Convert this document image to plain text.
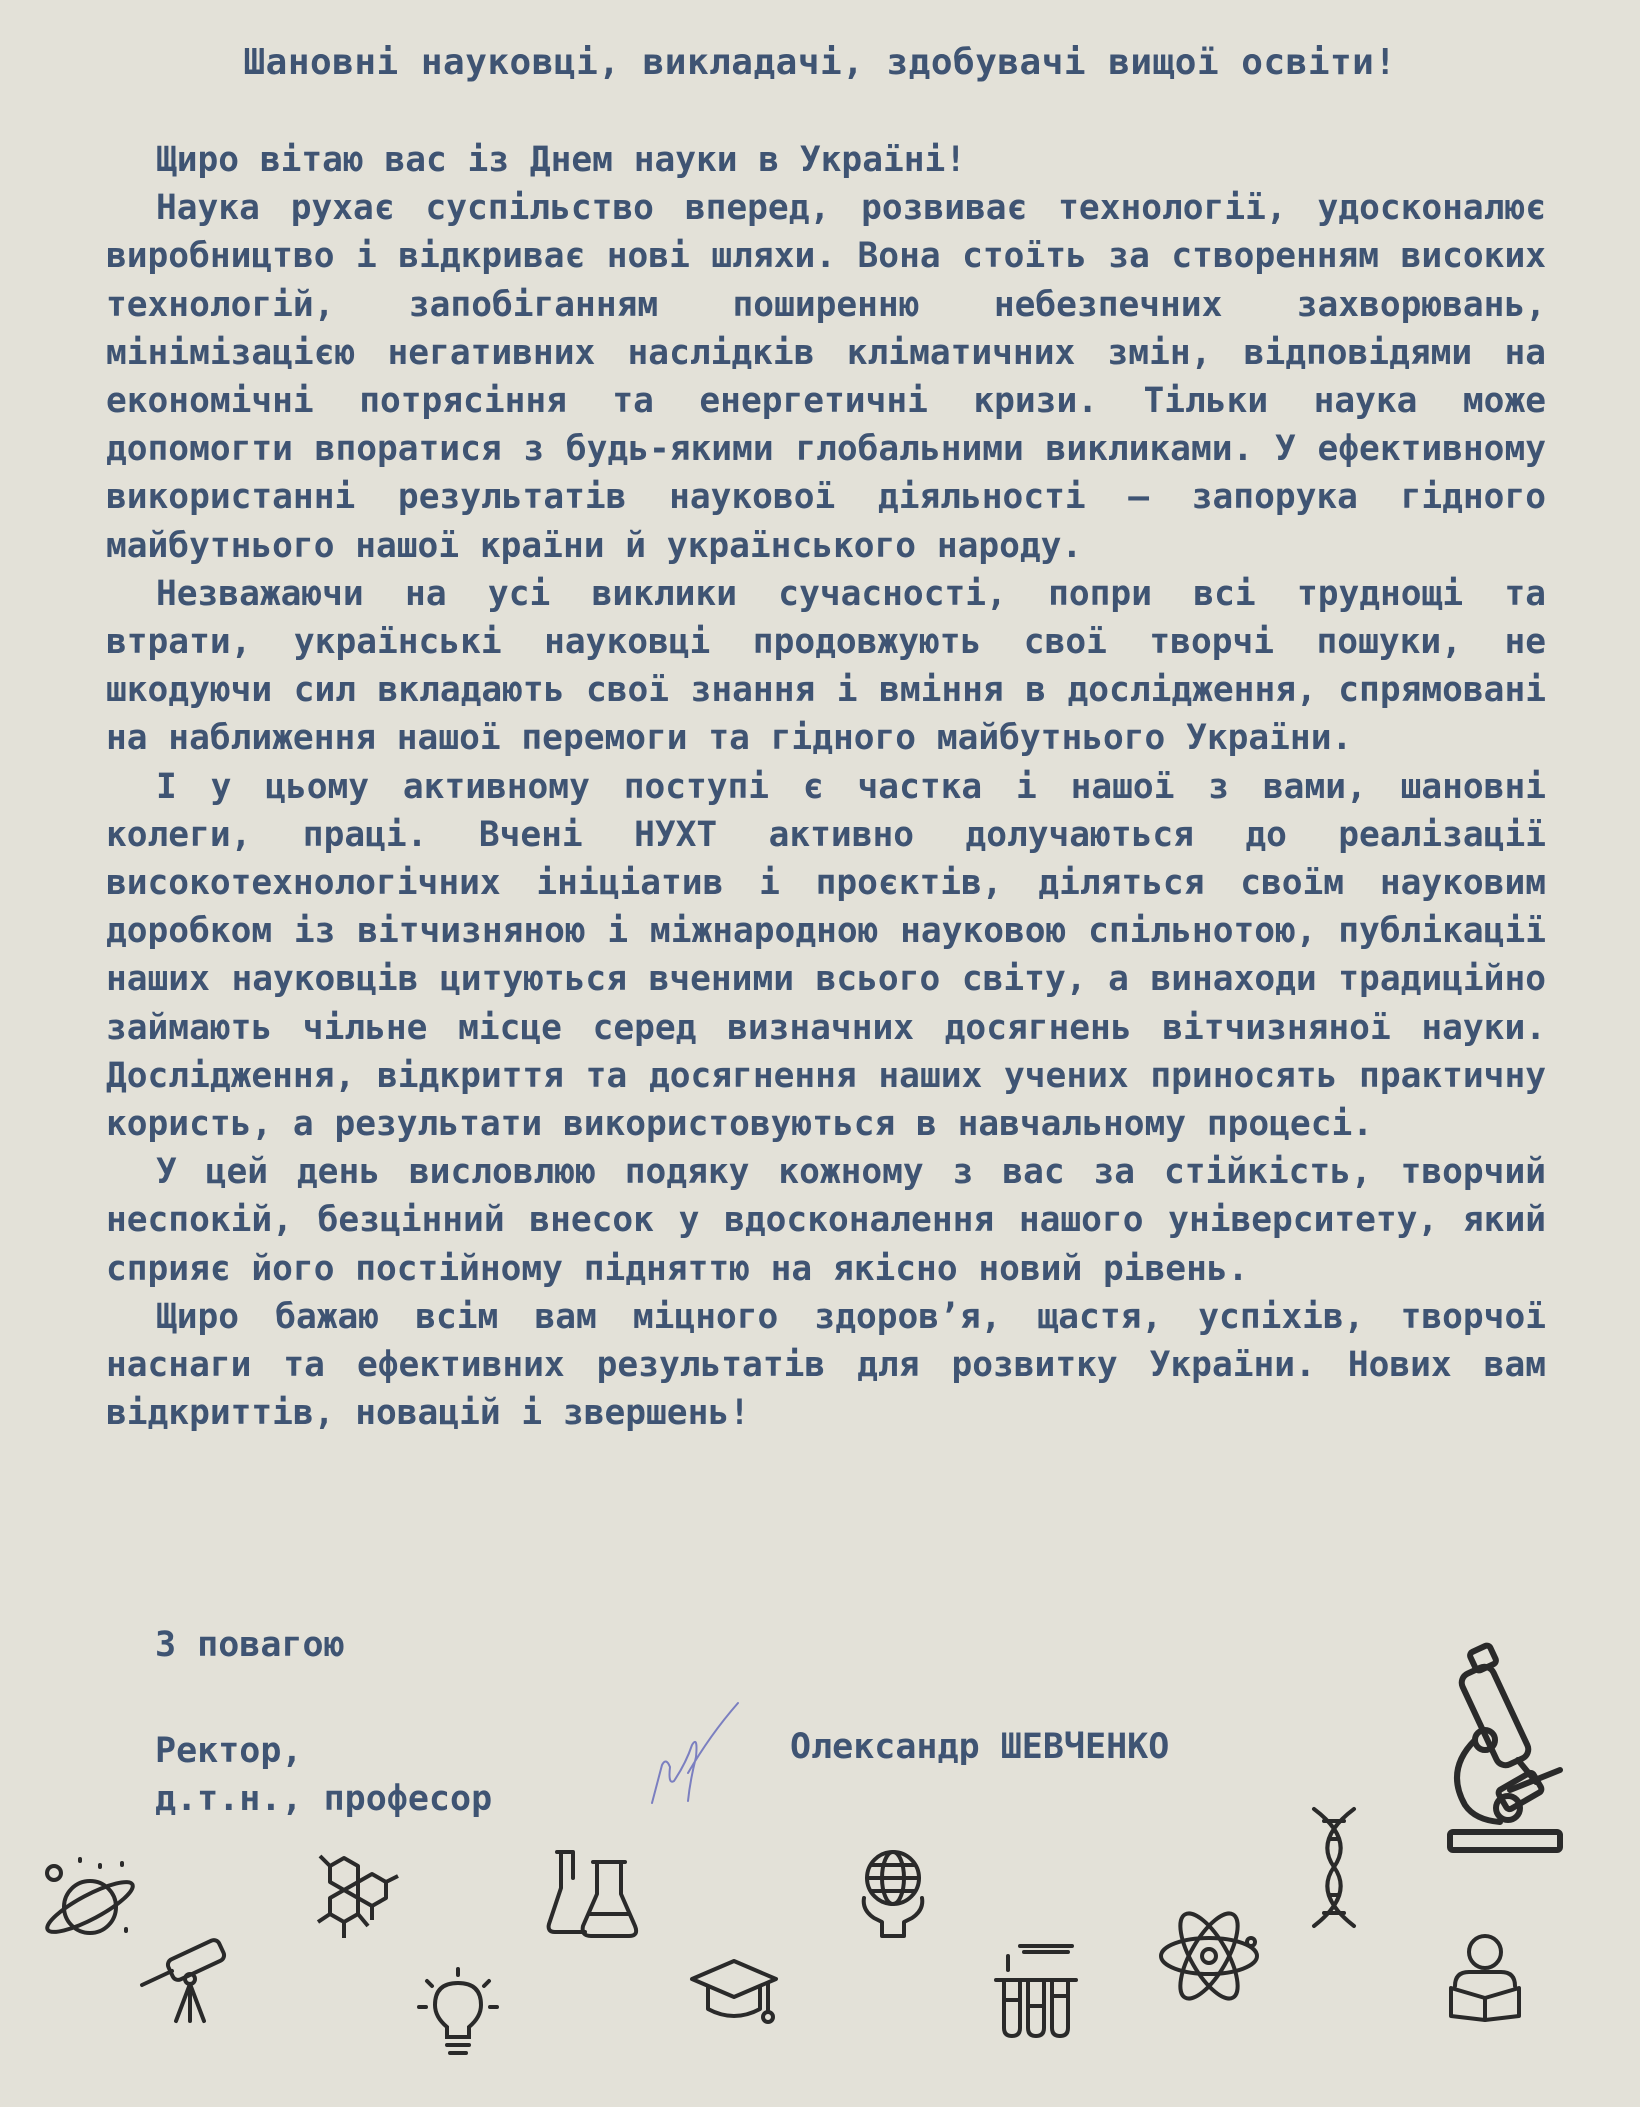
Шановні науковці, викладачі, здобувачі вищої освіти!
Щиро вітаю вас із Днем науки в Україні!

Наука рухає суспільство вперед, розвиває технології, удосконалює виробництво і відкриває нові шляхи. Вона стоїть за створенням високих технологій, запобіганням поширенню небезпечних захворювань, мінімізацією негативних наслідків кліматичних змін, відповідями на економічні потрясіння та енергетичні кризи. Тільки наука може допомогти впоратися з будь-якими глобальними викликами. У ефективному використанні результатів наукової діяльності – запорука гідного майбутнього нашої країни й українського народу.

Незважаючи на усі виклики сучасності, попри всі труднощі та втрати, українські науковці продовжують свої творчі пошуки, не шкодуючи сил вкладають свої знання і вміння в дослідження, спрямовані на наближення нашої перемоги та гідного майбутнього України.

І у цьому активному поступі є частка і нашої з вами, шановні колеги, праці. Вчені НУХТ активно долучаються до реалізації високотехнологічних ініціатив і проєктів, діляться своїм науковим доробком із вітчизняною і міжнародною науковою спільнотою, публікації наших науковців цитуються вченими всього світу, а винаходи традиційно займають чільне місце серед визначних досягнень вітчизняної науки. Дослідження, відкриття та досягнення наших учених приносять практичну користь, а результати використовуються в навчальному процесі.

У цей день висловлюю подяку кожному з вас за стійкість, творчий неспокій, безцінний внесок у вдосконалення нашого університету, який сприяє його постійному підняттю на якісно новий рівень.

Щиро бажаю всім вам міцного здоров’я, щастя, успіхів, творчої наснаги та ефективних результатів для розвитку України. Нових вам відкриттів, новацій і звершень!

З повагою
Ректор,
д.т.н., професор
Олександр ШЕВЧЕНКО
